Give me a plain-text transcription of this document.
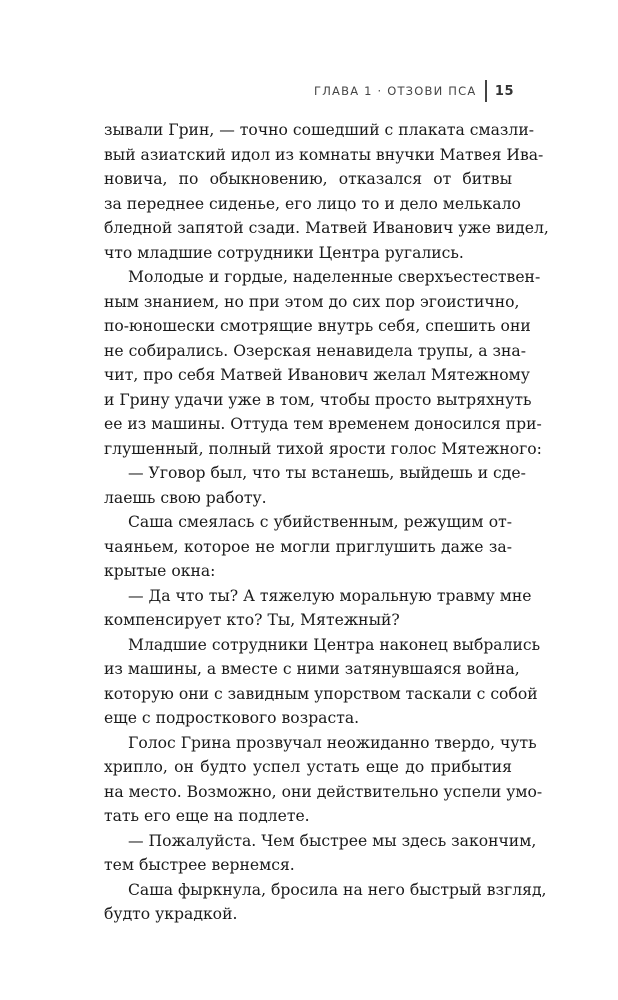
ГЛАВА 1 · ОТЗОВИ ПСА 15
зывали Грин, — точно сошедший с плаката смазли-
вый азиатский идол из комнаты внучки Матвея Ива-
новича, по обыкновению, отказался от битвы
за переднее сиденье, его лицо то и дело мелькало
бледной запятой сзади. Матвей Иванович уже видел,
что младшие сотрудники Центра ругались.
Молодые и гордые, наделенные сверхъестествен-
ным знанием, но при этом до сих пор эгоистично,
по-юношески смотрящие внутрь себя, спешить они
не собирались. Озерская ненавидела трупы, а зна-
чит, про себя Матвей Иванович желал Мятежному
и Грину удачи уже в том, чтобы просто вытряхнуть
ее из машины. Оттуда тем временем доносился при-
глушенный, полный тихой ярости голос Мятежного:
— Уговор был, что ты встанешь, выйдешь и сде-
лаешь свою работу.
Саша смеялась с убийственным, режущим от-
чаяньем, которое не могли приглушить даже за-
крытые окна:
— Да что ты? А тяжелую моральную травму мне
компенсирует кто? Ты, Мятежный?
Младшие сотрудники Центра наконец выбрались
из машины, а вместе с ними затянувшаяся война,
которую они с завидным упорством таскали с собой
еще с подросткового возраста.
Голос Грина прозвучал неожиданно твердо, чуть
хрипло, он будто успел устать еще до прибытия
на место. Возможно, они действительно успели умо-
тать его еще на подлете.
— Пожалуйста. Чем быстрее мы здесь закончим,
тем быстрее вернемся.
Саша фыркнула, бросила на него быстрый взгляд,
будто украдкой.
